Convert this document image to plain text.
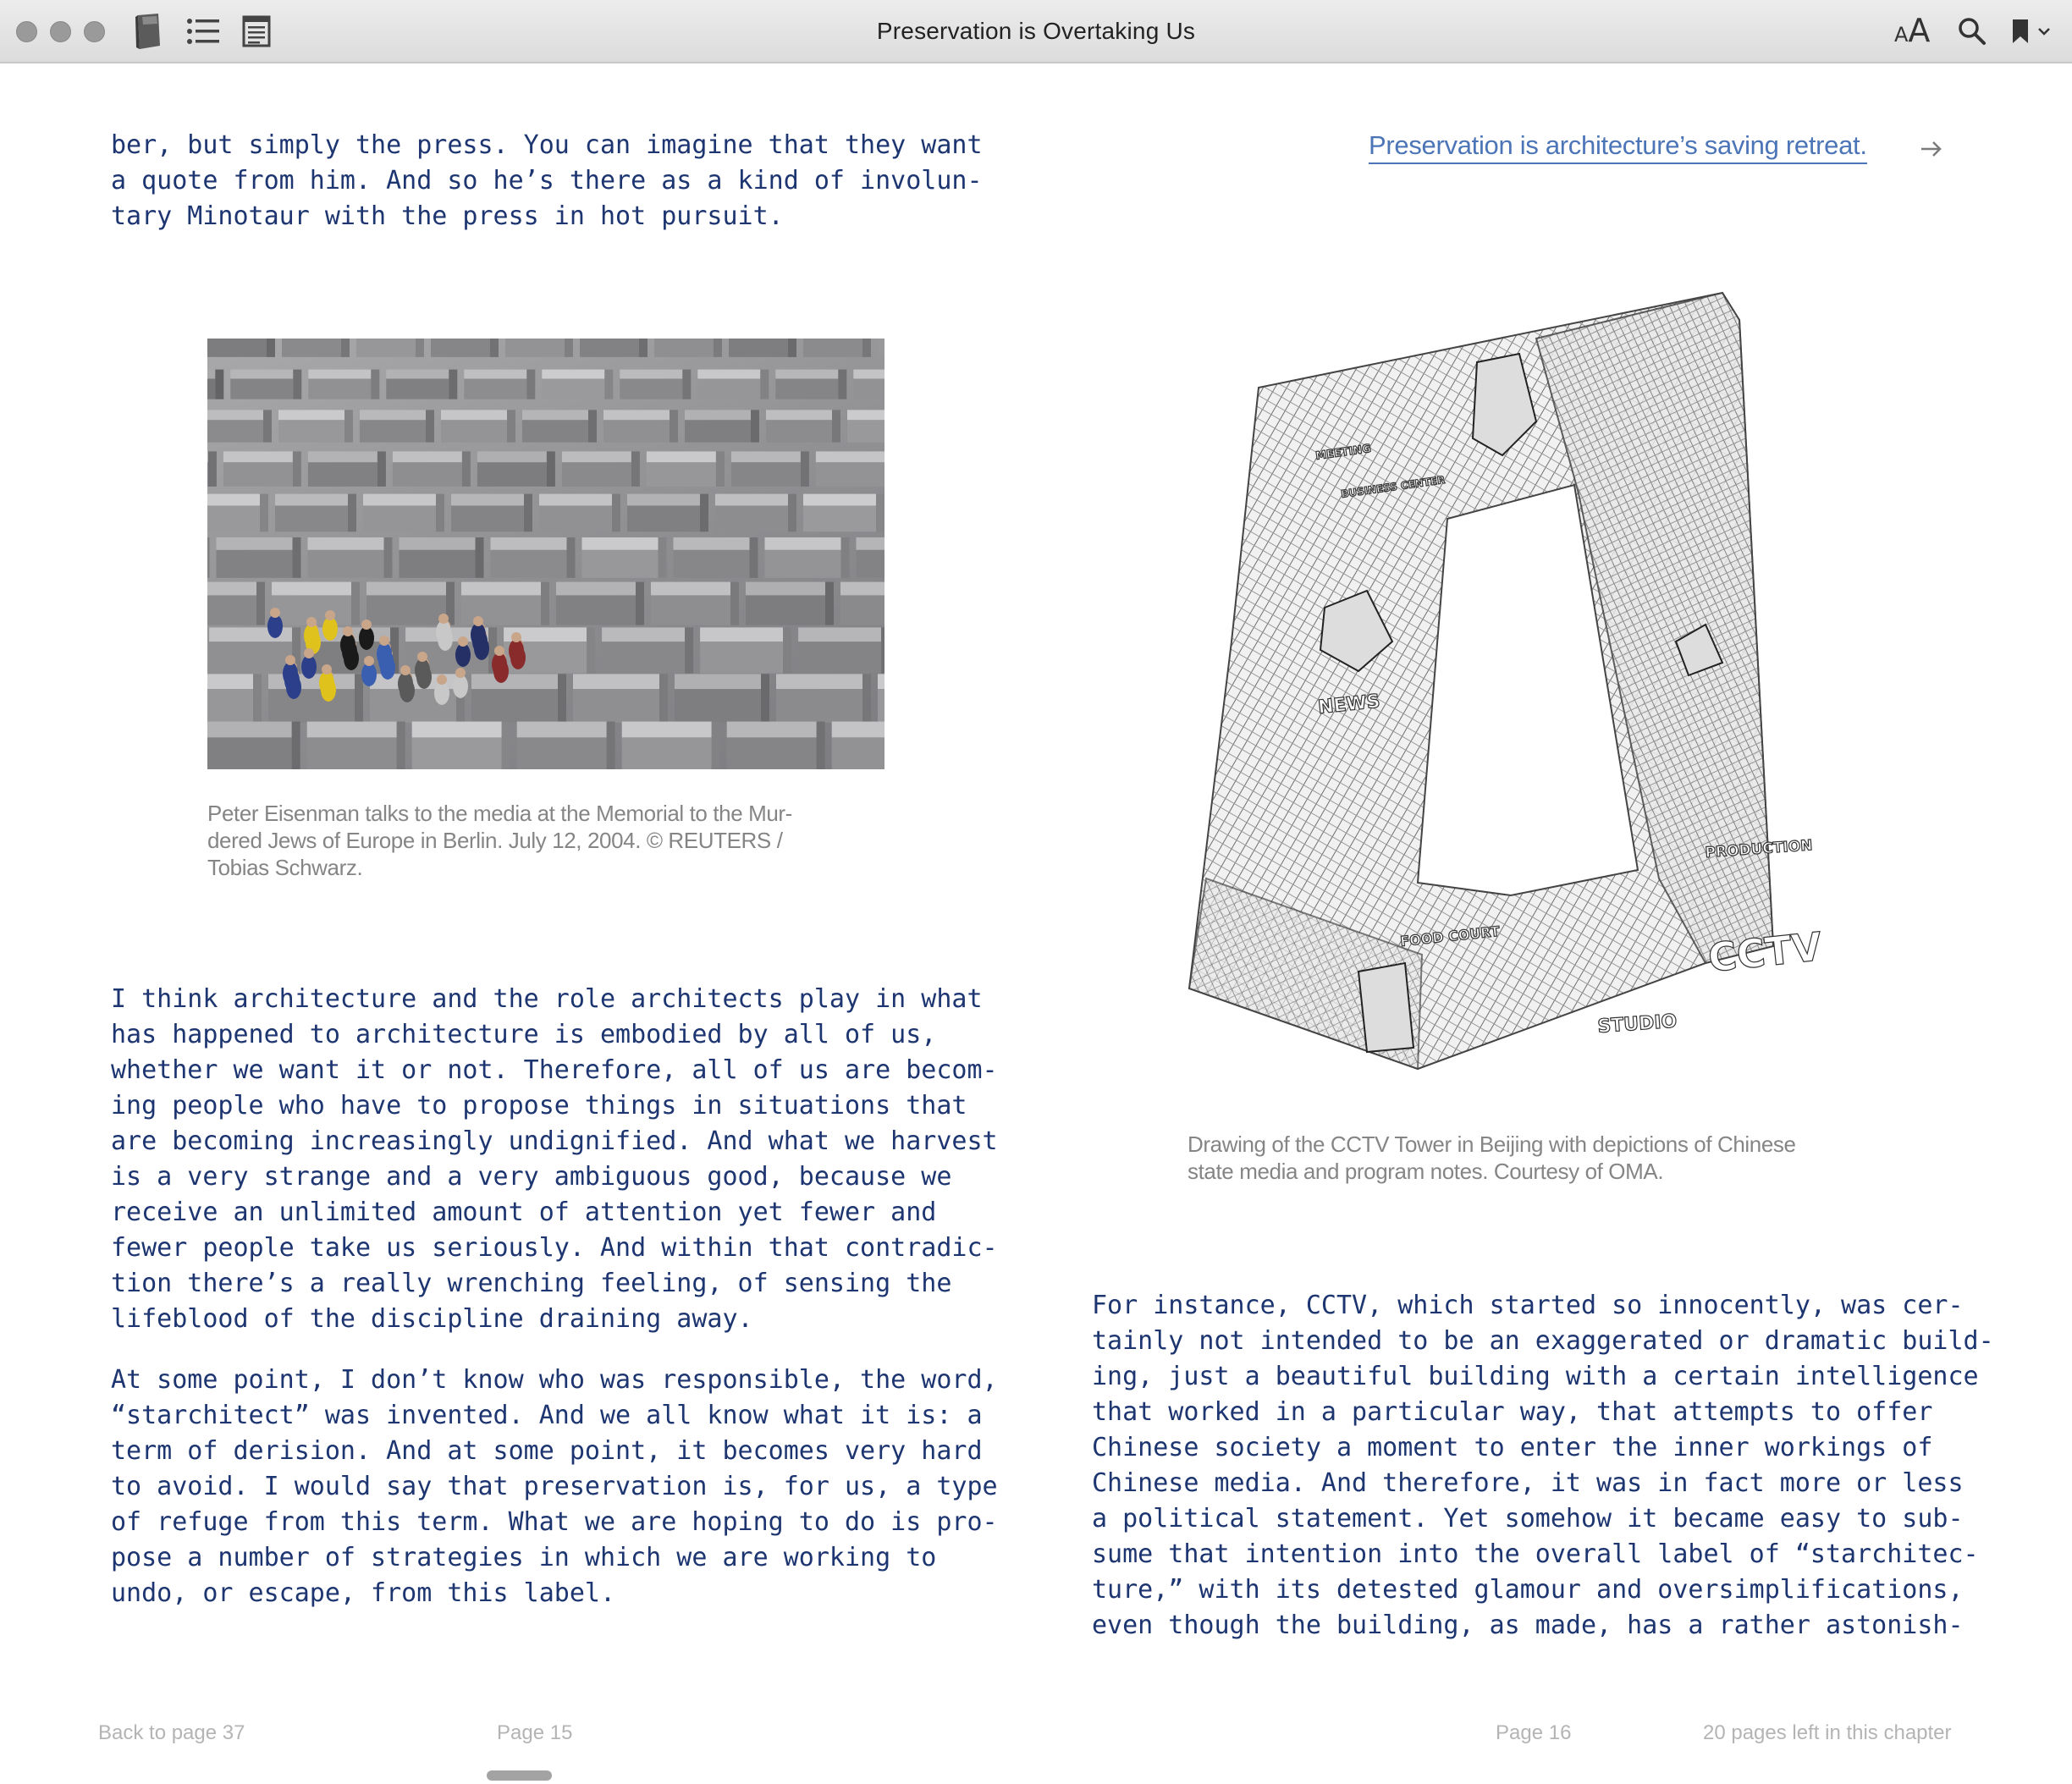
Preservation is Overtaking Us	AA
ber, but simply the press. You can imagine that they want
a quote from him. And so he’s there as a kind of involun-
tary Minotaur with the press in hot pursuit.
Peter Eisenman talks to the media at the Memorial to the Mur-
dered Jews of Europe in Berlin. July 12, 2004. © REUTERS /
Tobias Schwarz.
I think architecture and the role architects play in what
has happened to architecture is embodied by all of us,
whether we want it or not. Therefore, all of us are becom-
ing people who have to propose things in situations that
are becoming increasingly undignified. And what we harvest
is a very strange and a very ambiguous good, because we
receive an unlimited amount of attention yet fewer and
fewer people take us seriously. And within that contradic-
tion there’s a really wrenching feeling, of sensing the
lifeblood of the discipline draining away.
At some point, I don’t know who was responsible, the word,
“starchitect” was invented. And we all know what it is: a
term of derision. And at some point, it becomes very hard
to avoid. I would say that preservation is, for us, a type
of refuge from this term. What we are hoping to do is pro-
pose a number of strategies in which we are working to
undo, or escape, from this label.
Preservation is architecture’s saving retreat.
NEWS
FOOD COURT
PRODUCTION
STUDIO
MEETING
BUSINESS CENTER
CCTV
Drawing of the CCTV Tower in Beijing with depictions of Chinese
state media and program notes. Courtesy of OMA.
For instance, CCTV, which started so innocently, was cer-
tainly not intended to be an exaggerated or dramatic build-
ing, just a beautiful building with a certain intelligence
that worked in a particular way, that attempts to offer
Chinese society a moment to enter the inner workings of
Chinese media. And therefore, it was in fact more or less
a political statement. Yet somehow it became easy to sub-
sume that intention into the overall label of “starchitec-
ture,” with its detested glamour and oversimplifications,
even though the building, as made, has a rather astonish-
Back to page 37	Page 15	Page 16	20 pages left in this chapter
